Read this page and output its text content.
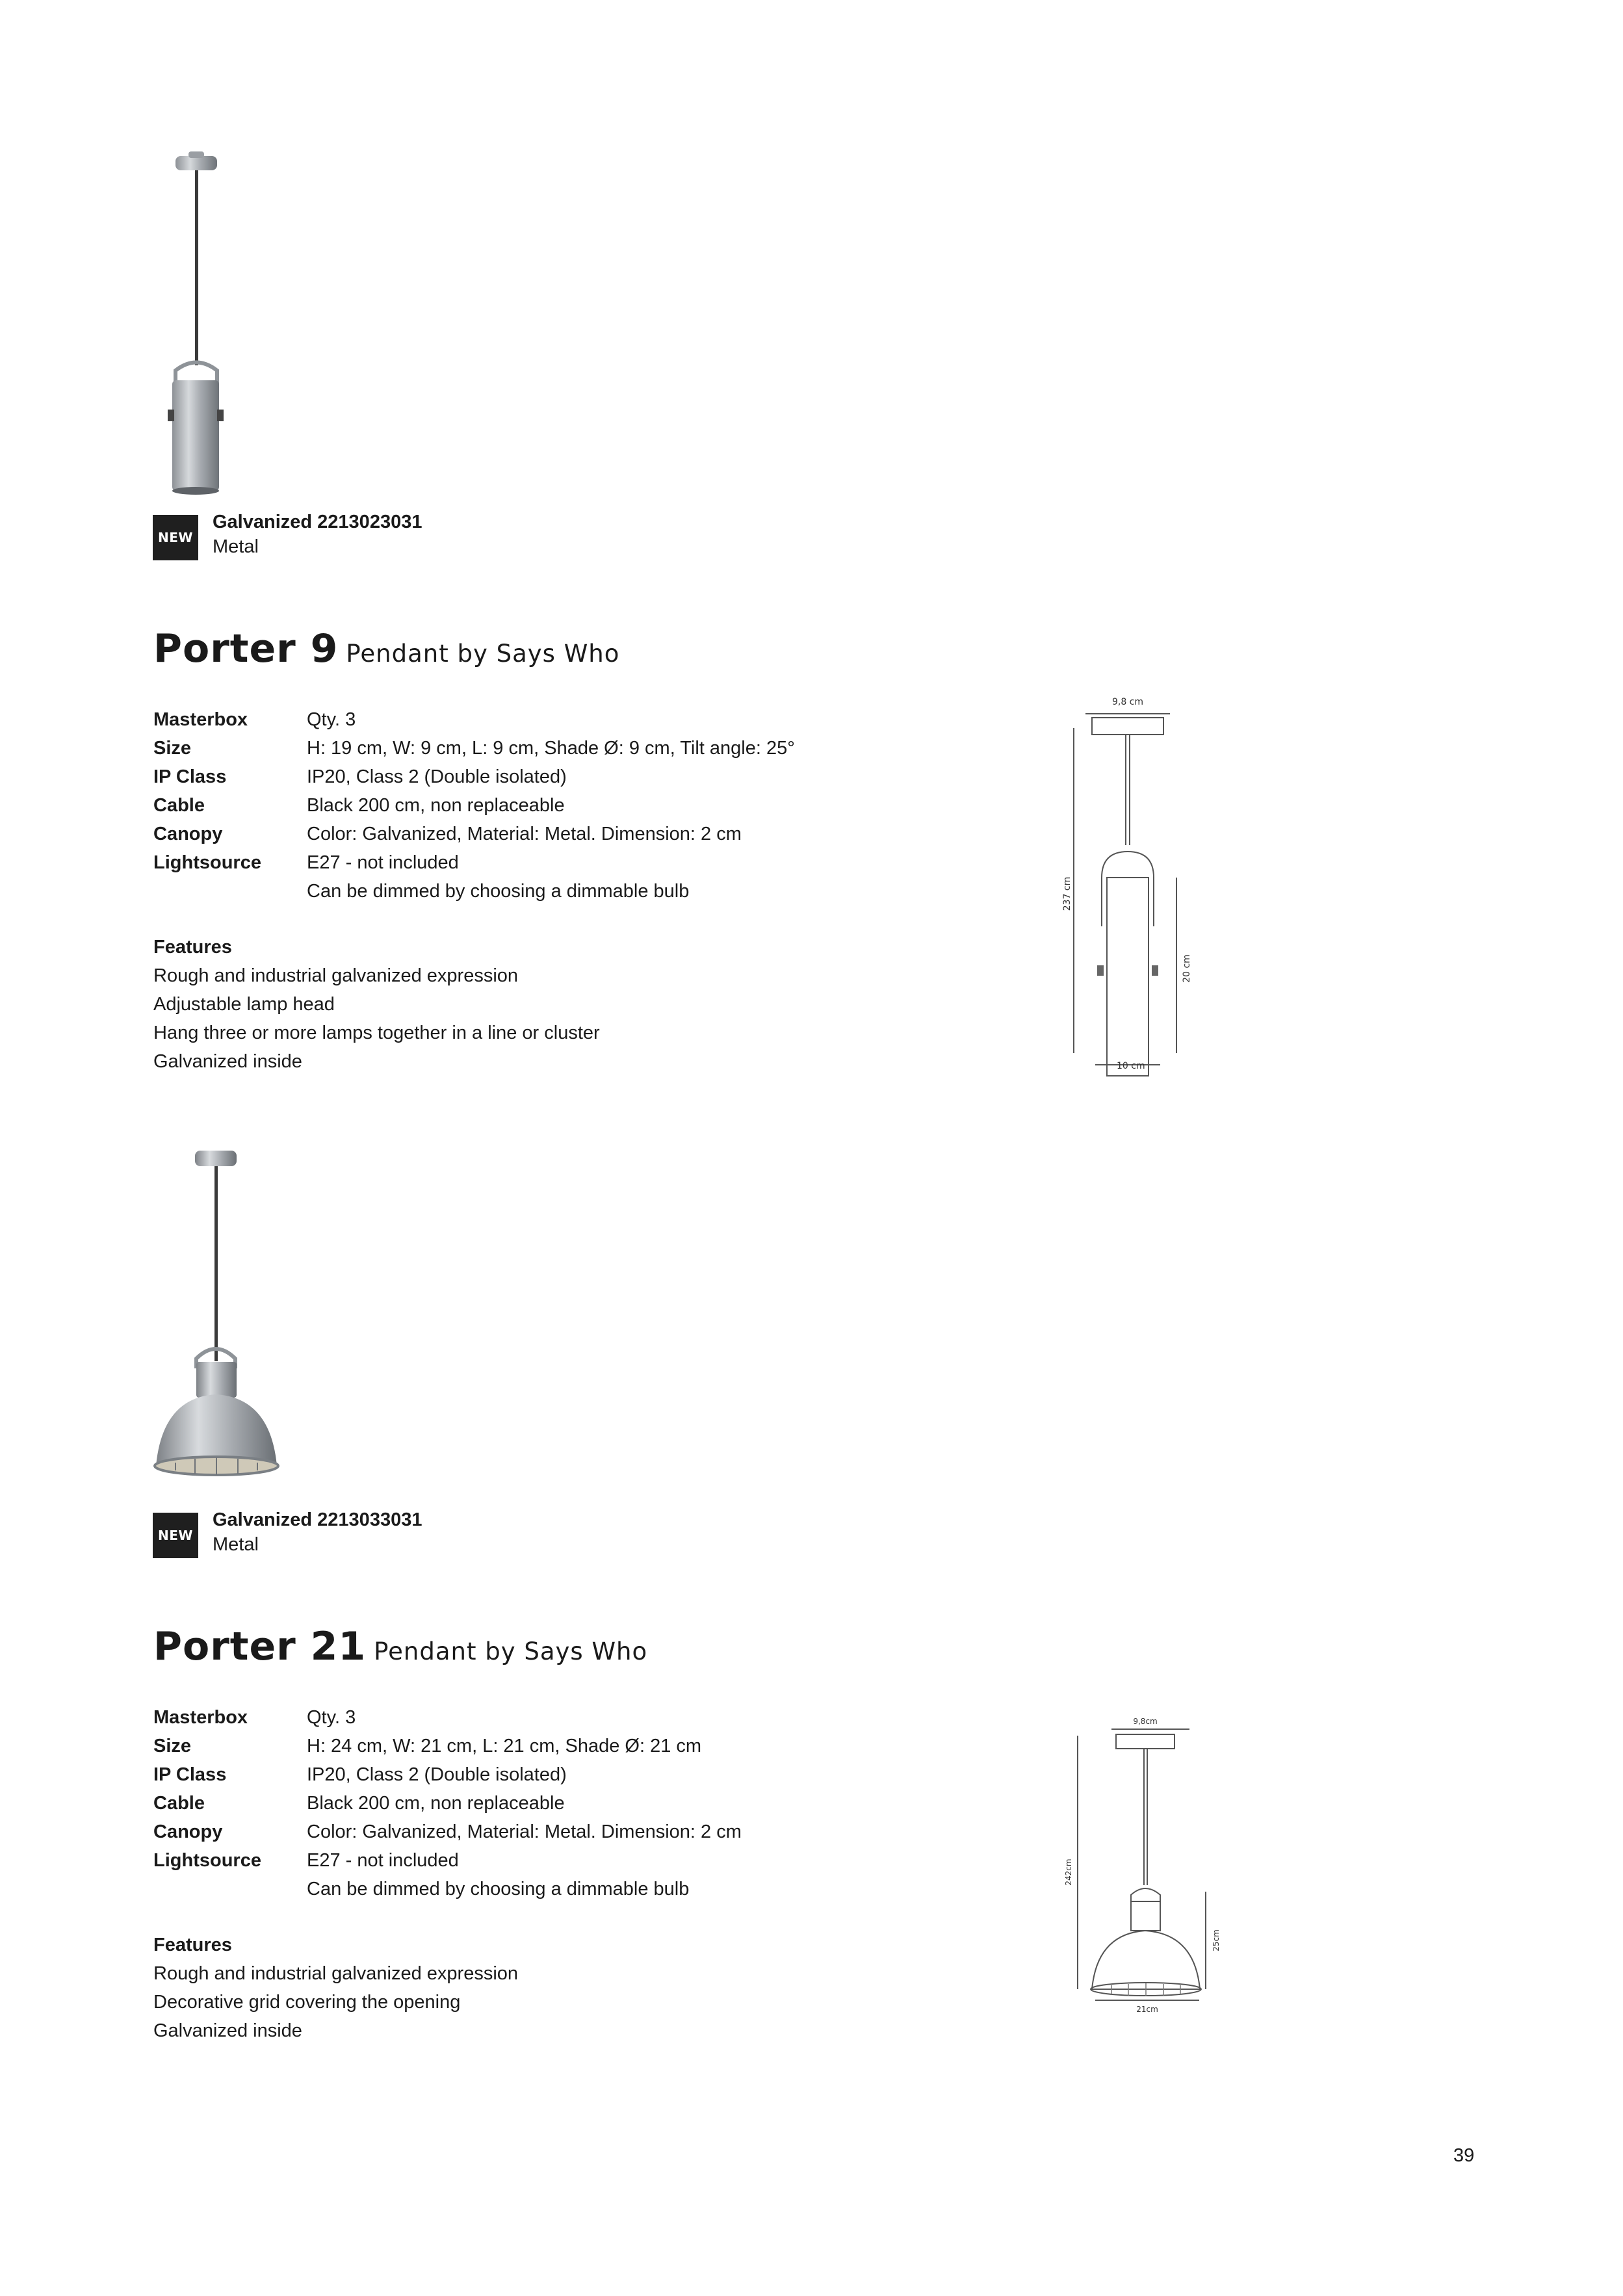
NEW
Galvanized 2213023031
Metal
Porter 9 Pendant by Says Who
Masterbox	Qty. 3
Size	H: 19 cm, W: 9 cm, L: 9 cm, Shade Ø: 9 cm, Tilt angle: 25°
IP Class	IP20, Class 2 (Double isolated)
Cable	Black 200 cm, non replaceable
Canopy	Color: Galvanized, Material: Metal. Dimension: 2 cm
Lightsource	E27 - not included
Can be dimmed by choosing a dimmable bulb
Features
Rough and industrial galvanized expression
Adjustable lamp head
Hang three or more lamps together in a line or cluster
Galvanized inside
9,8 cm
237 cm
20 cm
10 cm
NEW
Galvanized 2213033031
Metal
Porter 21 Pendant by Says Who
Masterbox	Qty. 3
Size	H: 24 cm, W: 21 cm, L: 21 cm, Shade Ø: 21 cm
IP Class	IP20, Class 2 (Double isolated)
Cable	Black 200 cm, non replaceable
Canopy	Color: Galvanized, Material: Metal. Dimension: 2 cm
Lightsource	E27 - not included
Can be dimmed by choosing a dimmable bulb
Features
Rough and industrial galvanized expression
Decorative grid covering the opening
Galvanized inside
9,8cm
242cm
25cm
21cm
39
